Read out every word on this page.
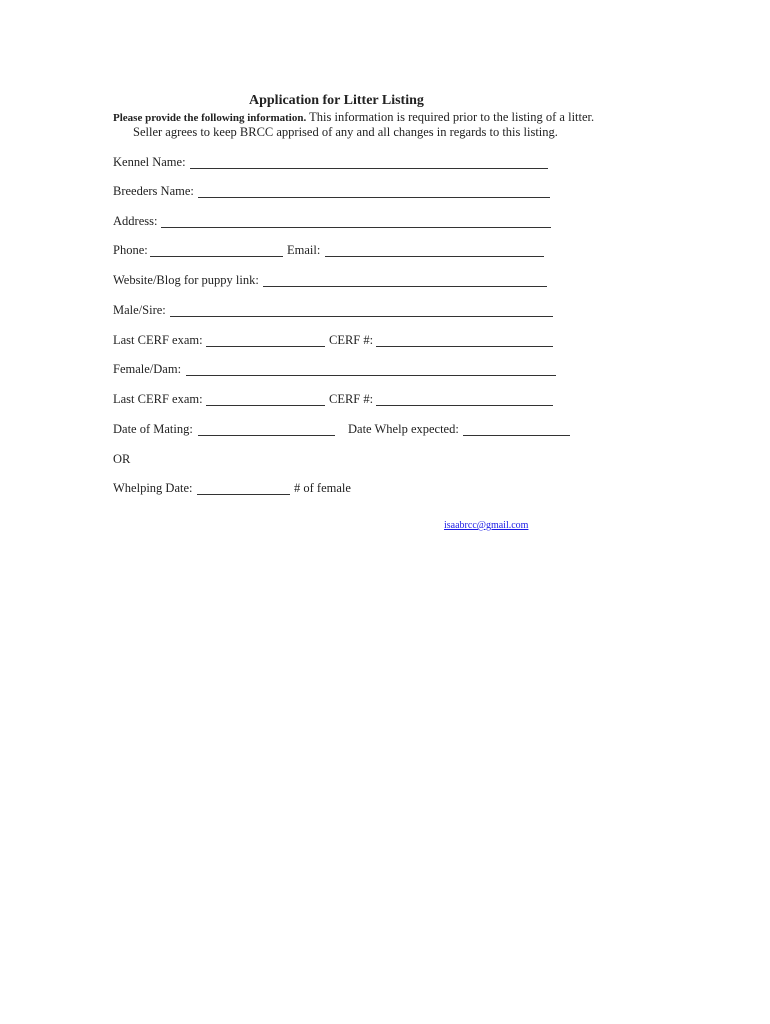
Application for Litter Listing
Please provide the following information. This information is required prior to the listing of a litter.
Seller agrees to keep BRCC apprised of any and all changes in regards to this listing.
Kennel Name:
Breeders Name:
Address:
Phone:	Email:
Website/Blog for puppy link:
Male/Sire:
Last CERF exam:	CERF #:
Female/Dam:
Last CERF exam:	CERF #:
Date of Mating:	Date Whelp expected:
OR
Whelping Date:	# of female
isaabrcc@gmail.com
